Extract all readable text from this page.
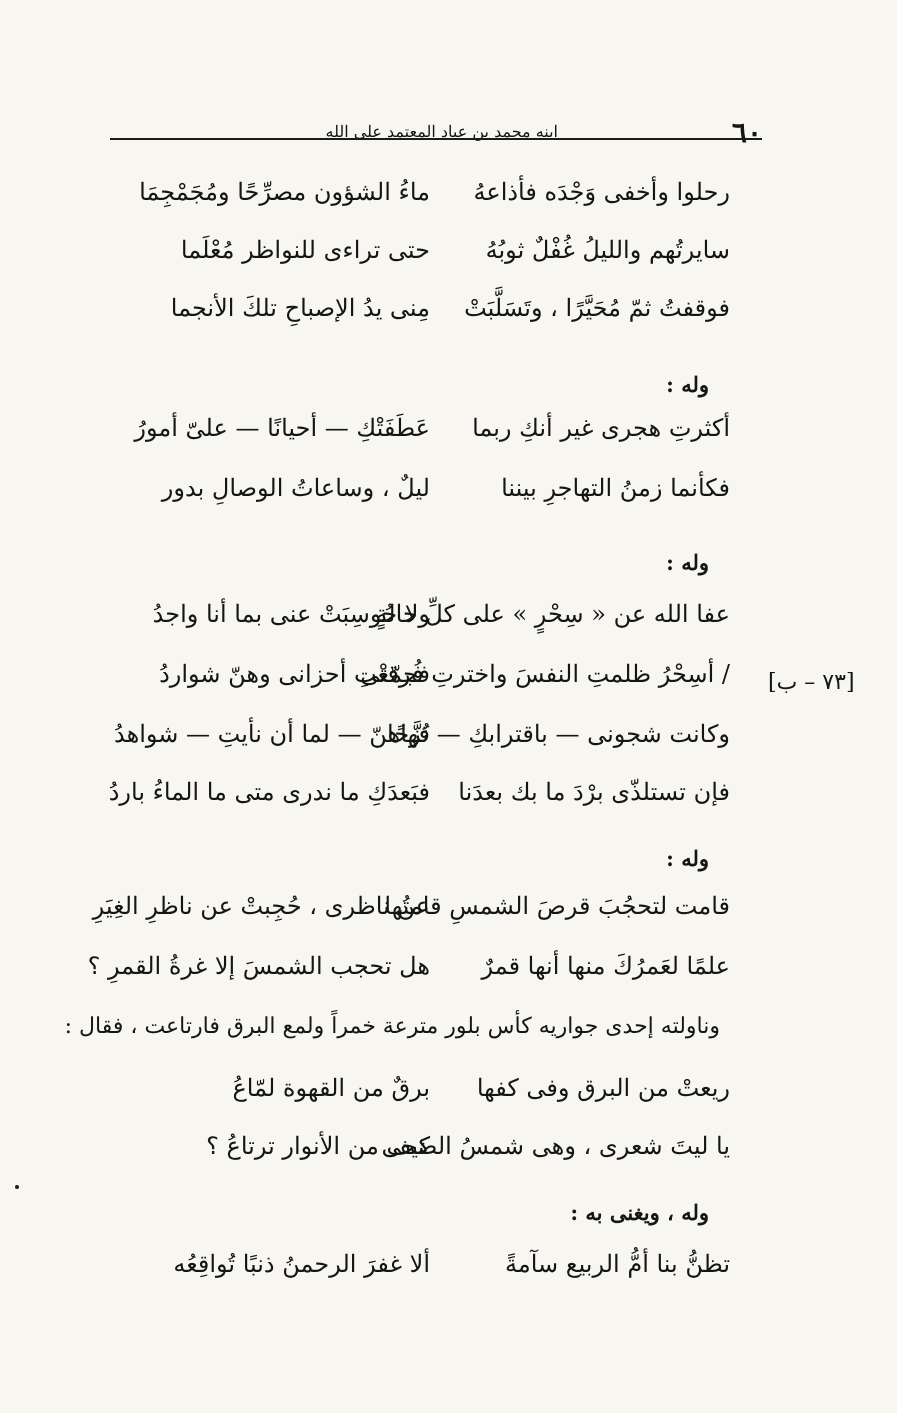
٦٠
ابنه محمد بن عباد المعتمد على الله
رحلوا وأخفى وَجْدَه فأذاعهُ
ماءُ الشؤون مصرِّحًا ومُجَمْجِمَا
سايرتُهم والليلُ غُفْلٌ ثوبُهُ
حتى تراءى للنواظر مُعْلَما
فوقفتُ ثمّ مُحَيَّرًا ، وتَسَلَّبَتْ
مِنى يدُ الإصباحِ تلكَ الأنجما
وله :
أكثرتِ هجرى غير أنكِ ربما
عَطَفَتْكِ — أحيانًا — علىّ أمورُ
فكأنما زمنُ التهاجرِ بيننا
ليلٌ ، وساعاتُ الوصالِ بدور
وله :
عفا الله عن « سِحْرٍ » على كلِّ حالةٍ
ولا حُوسِبَتْ عنى بما أنا واجدُ
/ أسِحْرُ ظلمتِ النفسَ واخترتِ فُرقتى
فجمّعْتِ أحزانى وهنّ شواردُ
وكانت شجونى — باقترابكِ — نُزَّحًا
فهاهنّ — لما أن نأيتِ — شواهدُ
فإن تستلذّى برْدَ ما بك بعدَنا
فبَعدَكِ ما ندرى متى ما الماءُ باردُ
[٧٣ – ب]
وله :
قامت لتحجُبَ قرصَ الشمسِ قامتُها
عن ناظرى ، حُجِبتْ عن ناظرِ الغِيَرِ
علمًا لعَمرُكَ منها أنها قمرٌ
هل تحجب الشمسَ إلا غرةُ القمرِ ؟
وناولته إحدى جواريه كأس بلور مترعة خمراً ولمع البرق فارتاعت ، فقال :
ريعتْ من البرق وفى كفها
برقٌ من القهوة لمّاعُ
يا ليتَ شعرى ، وهى شمسُ الضحى
كيف من الأنوار ترتاعُ ؟
وله ، ويغنى به :
تظنُّ بنا أمُّ الربيع سآمةً
ألا غفرَ الرحمنُ ذنبًا تُواقِعُه
